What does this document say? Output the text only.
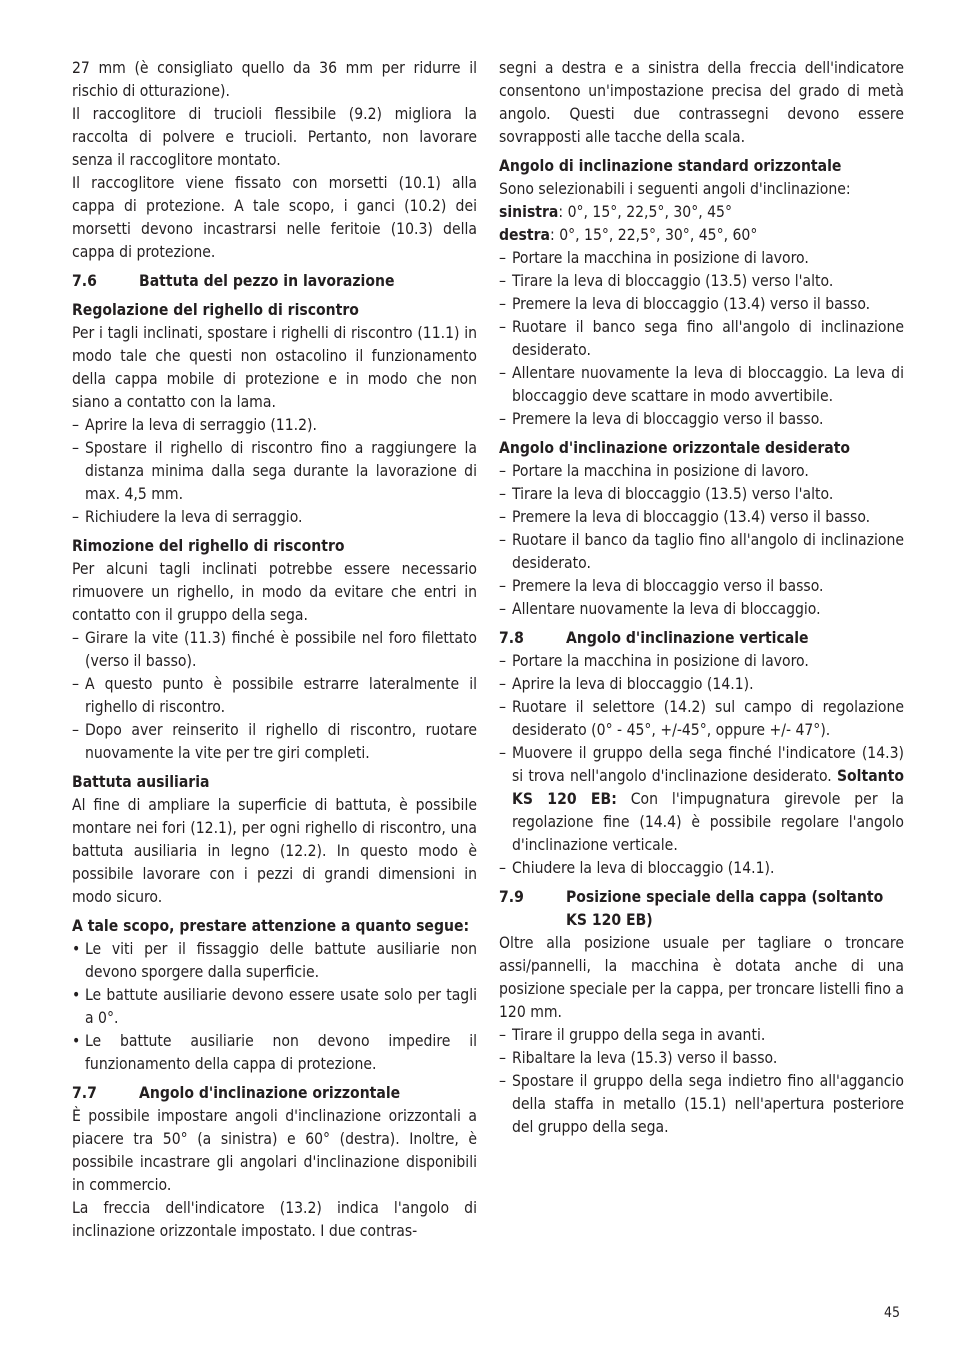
27 mm (è consigliato quello da 36 mm per ridurre il rischio di otturazione).

Il raccoglitore di trucioli flessibile (9.2) migliora la raccolta di polvere e trucioli. Pertanto, non lavorare senza il raccoglitore montato.

Il raccoglitore viene fissato con morsetti (10.1) alla cappa di protezione. A tale scopo, i ganci (10.2) dei morsetti devono incastrarsi nelle feritoie (10.3) della cappa di protezione.

7.6	Battuta del pezzo in lavorazione
Regolazione del righello di riscontro

Per i tagli inclinati, spostare i righelli di riscontro (11.1) in modo tale che questi non ostacolino il funzionamento della cappa mobile di protezione e in modo che non siano a contatto con la lama.

– Aprire la leva di serraggio (11.2).
– Spostare il righello di riscontro fino a raggiungere la distanza minima dalla sega durante la lavorazione di max. 4,5 mm.
– Richiudere la leva di serraggio.
Rimozione del righello di riscontro

Per alcuni tagli inclinati potrebbe essere necessario rimuovere un righello, in modo da evitare che entri in contatto con il gruppo della sega.

– Girare la vite (11.3) finché è possibile nel foro filettato (verso il basso).
– A questo punto è possibile estrarre lateralmente il righello di riscontro.
– Dopo aver reinserito il righello di riscontro, ruotare nuovamente la vite per tre giri completi.
Battuta ausiliaria

Al fine di ampliare la superficie di battuta, è possibile montare nei fori (12.1), per ogni righello di riscontro, una battuta ausiliaria in legno (12.2). In questo modo è possibile lavorare con i pezzi di grandi dimensioni in modo sicuro.

A tale scopo, prestare attenzione a quanto segue:
• Le viti per il fissaggio delle battute ausiliarie non devono sporgere dalla superficie.
• Le battute ausiliarie devono essere usate solo per tagli a 0°.
• Le battute ausiliarie non devono impedire il funzionamento della cappa di protezione.
7.7	Angolo d'inclinazione orizzontale

È possibile impostare angoli d'inclinazione orizzontali a piacere tra 50° (a sinistra) e 60° (destra). Inoltre, è possibile incastrare gli angolari d'inclinazione disponibili in commercio.

La freccia dell'indicatore (13.2) indica l'angolo di inclinazione orizzontale impostato. I due contras-

segni a destra e a sinistra della freccia dell'indicatore consentono un'impostazione precisa del grado di metà angolo. Questi due contrassegni devono essere sovrapposti alle tacche della scala.

Angolo di inclinazione standard orizzontale

Sono selezionabili i seguenti angoli d'inclinazione:

sinistra: 0°, 15°, 22,5°, 30°, 45°

destra: 0°, 15°, 22,5°, 30°, 45°, 60°

– Portare la macchina in posizione di lavoro.
– Tirare la leva di bloccaggio (13.5) verso l'alto.
– Premere la leva di bloccaggio (13.4) verso il basso.
– Ruotare il banco sega fino all'angolo di inclinazione desiderato.
– Allentare nuovamente la leva di bloccaggio. La leva di bloccaggio deve scattare in modo avvertibile.
– Premere la leva di bloccaggio verso il basso.
Angolo d'inclinazione orizzontale desiderato
– Portare la macchina in posizione di lavoro.
– Tirare la leva di bloccaggio (13.5) verso l'alto.
– Premere la leva di bloccaggio (13.4) verso il basso.
– Ruotare il banco da taglio fino all'angolo di inclinazione desiderato.
– Premere la leva di bloccaggio verso il basso.
– Allentare nuovamente la leva di bloccaggio.
7.8	Angolo d'inclinazione verticale
– Portare la macchina in posizione di lavoro.
– Aprire la leva di bloccaggio (14.1).
– Ruotare il selettore (14.2) sul campo di regolazione desiderato (0° - 45°, +/-45°, oppure +/- 47°).
– Muovere il gruppo della sega finché l'indicatore (14.3) si trova nell'angolo d'inclinazione desiderato. Soltanto KS 120 EB: Con l'impugnatura girevole per la regolazione fine (14.4) è possibile regolare l'angolo d'inclinazione verticale.
– Chiudere la leva di bloccaggio (14.1).
7.9	Posizione speciale della cappa (soltanto KS 120 EB)

Oltre alla posizione usuale per tagliare o troncare assi/pannelli, la macchina è dotata anche di una posizione speciale per la cappa, per troncare listelli fino a 120 mm.

– Tirare il gruppo della sega in avanti.
– Ribaltare la leva (15.3) verso il basso.
– Spostare il gruppo della sega indietro fino all'aggancio della staffa in metallo (15.1) nell'apertura posteriore del gruppo della sega.
45
